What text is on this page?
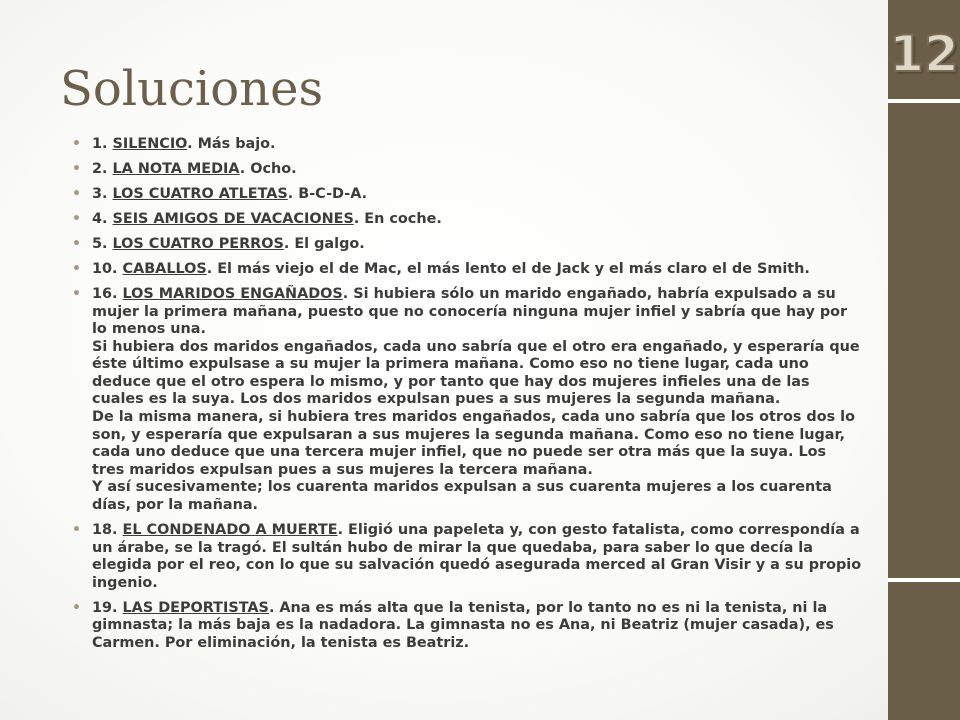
12
Soluciones
• 1. SILENCIO. Más bajo.
• 2. LA NOTA MEDIA. Ocho.
• 3. LOS CUATRO ATLETAS. B-C-D-A.
• 4. SEIS AMIGOS DE VACACIONES. En coche.
• 5. LOS CUATRO PERROS. El galgo.
• 10. CABALLOS. El más viejo el de Mac, el más lento el de Jack y el más claro el de Smith.
• 16. LOS MARIDOS ENGAÑADOS. Si hubiera sólo un marido engañado, habría expulsado a su mujer la primera mañana, puesto que no conocería ninguna mujer infiel y sabría que hay por lo menos una.
Si hubiera dos maridos engañados, cada uno sabría que el otro era engañado, y esperaría que éste último expulsase a su mujer la primera mañana. Como eso no tiene lugar, cada uno deduce que el otro espera lo mismo, y por tanto que hay dos mujeres infieles una de las cuales es la suya. Los dos maridos expulsan pues a sus mujeres la segunda mañana.
De la misma manera, si hubiera tres maridos engañados, cada uno sabría que los otros dos lo son, y esperaría que expulsaran a sus mujeres la segunda mañana. Como eso no tiene lugar, cada uno deduce que una tercera mujer infiel, que no puede ser otra más que la suya. Los tres maridos expulsan pues a sus mujeres la tercera mañana.
Y así sucesivamente; los cuarenta maridos expulsan a sus cuarenta mujeres a los cuarenta días, por la mañana.
• 18. EL CONDENADO A MUERTE. Eligió una papeleta y, con gesto fatalista, como correspondía a un árabe, se la tragó. El sultán hubo de mirar la que quedaba, para saber lo que decía la elegida por el reo, con lo que su salvación quedó asegurada merced al Gran Visir y a su propio ingenio.
• 19. LAS DEPORTISTAS. Ana es más alta que la tenista, por lo tanto no es ni la tenista, ni la gimnasta; la más baja es la nadadora. La gimnasta no es Ana, ni Beatriz (mujer casada), es Carmen. Por eliminación, la tenista es Beatriz.
